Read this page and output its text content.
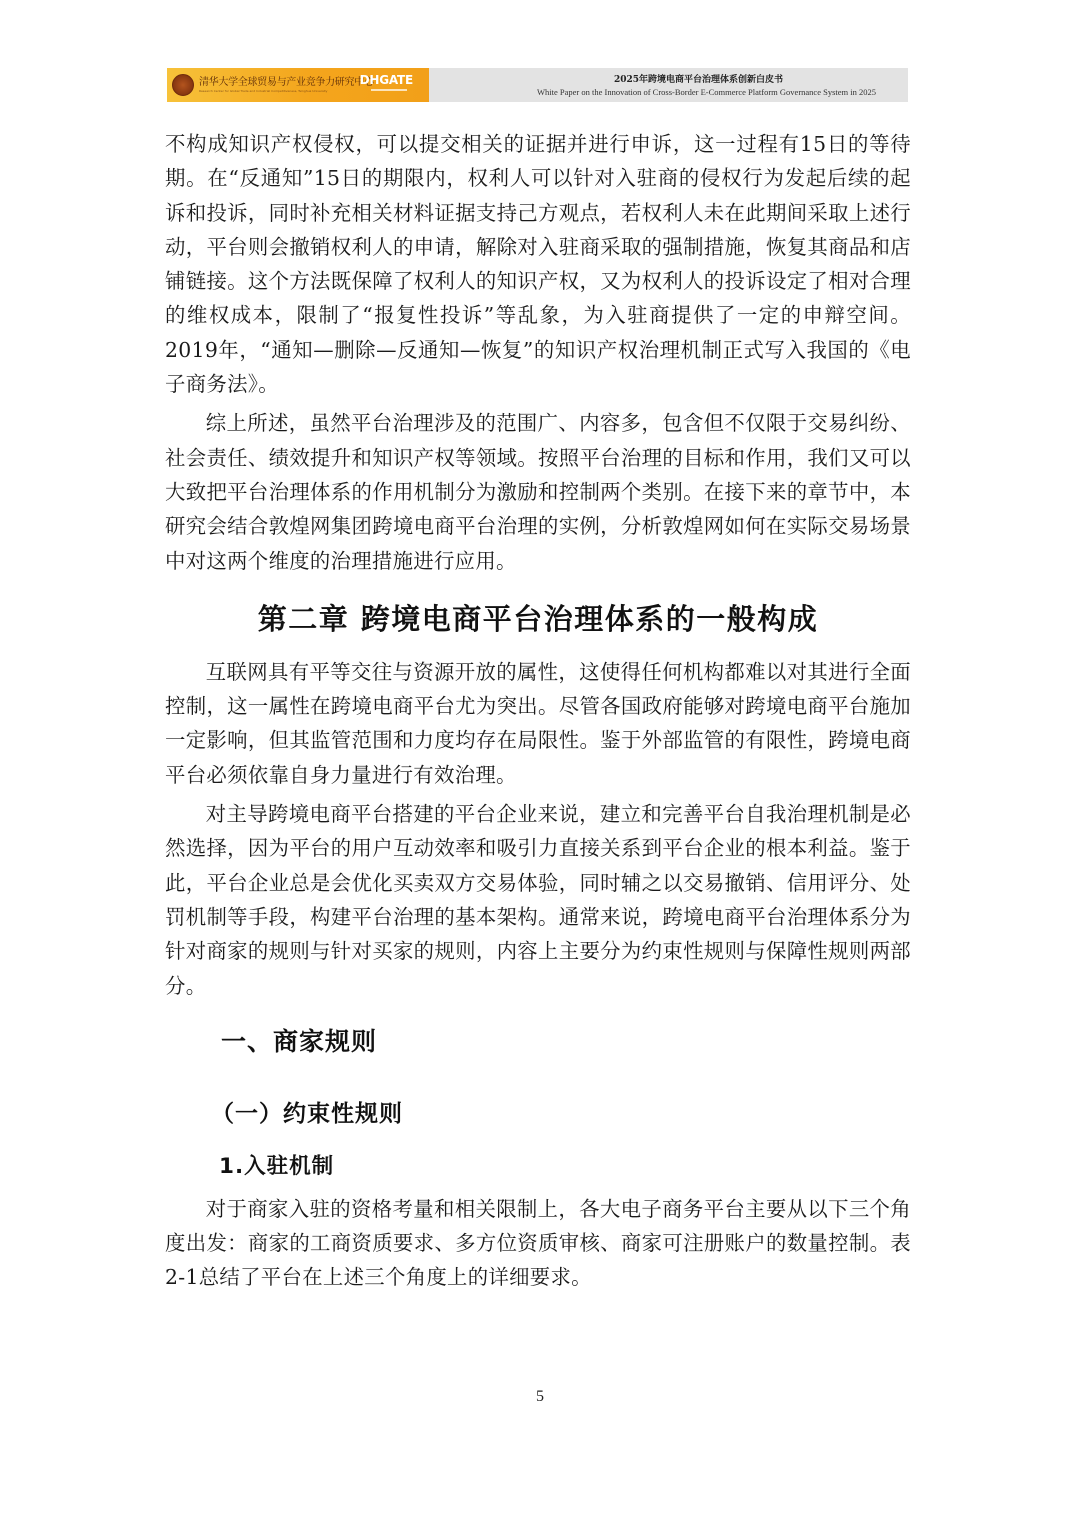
清华大学全球贸易与产业竞争力研究中心
Research Center for Global Trade and Industrial Competitiveness, Tsinghua University
DHGATE	2025年跨境电商平台治理体系创新白皮书
White Paper on the Innovation of Cross-Border E-Commerce Platform Governance System in 2025

不构成知识产权侵权，可以提交相关的证据并进行申诉，这一过程有15日的等待期。在“反通知”15日的期限内，权利人可以针对入驻商的侵权行为发起后续的起诉和投诉，同时补充相关材料证据支持己方观点，若权利人未在此期间采取上述行动，平台则会撤销权利人的申请，解除对入驻商采取的强制措施，恢复其商品和店铺链接。这个方法既保障了权利人的知识产权，又为权利人的投诉设定了相对合理的维权成本，限制了“报复性投诉”等乱象，为入驻商提供了一定的申辩空间。2019年，“通知—删除—反通知—恢复”的知识产权治理机制正式写入我国的《电子商务法》。

综上所述，虽然平台治理涉及的范围广、内容多，包含但不仅限于交易纠纷、社会责任、绩效提升和知识产权等领域。按照平台治理的目标和作用，我们又可以大致把平台治理体系的作用机制分为激励和控制两个类别。在接下来的章节中，本研究会结合敦煌网集团跨境电商平台治理的实例，分析敦煌网如何在实际交易场景中对这两个维度的治理措施进行应用。

第二章 跨境电商平台治理体系的一般构成

互联网具有平等交往与资源开放的属性，这使得任何机构都难以对其进行全面控制，这一属性在跨境电商平台尤为突出。尽管各国政府能够对跨境电商平台施加一定影响，但其监管范围和力度均存在局限性。鉴于外部监管的有限性，跨境电商平台必须依靠自身力量进行有效治理。

对主导跨境电商平台搭建的平台企业来说，建立和完善平台自我治理机制是必然选择，因为平台的用户互动效率和吸引力直接关系到平台企业的根本利益。鉴于此，平台企业总是会优化买卖双方交易体验，同时辅之以交易撤销、信用评分、处罚机制等手段，构建平台治理的基本架构。通常来说，跨境电商平台治理体系分为针对商家的规则与针对买家的规则，内容上主要分为约束性规则与保障性规则两部分。

一、商家规则
（一）约束性规则
1.入驻机制

对于商家入驻的资格考量和相关限制上，各大电子商务平台主要从以下三个角度出发：商家的工商资质要求、多方位资质审核、商家可注册账户的数量控制。表2-1总结了平台在上述三个角度上的详细要求。

5
